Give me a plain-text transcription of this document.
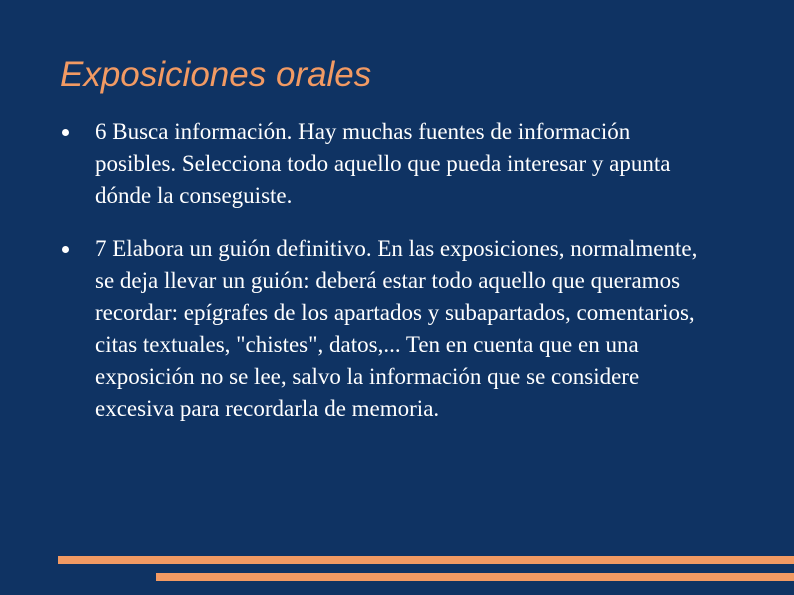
Exposiciones orales
6 Busca información. Hay muchas fuentes de información posibles. Selecciona todo aquello que pueda interesar y apunta dónde la conseguiste.
7 Elabora un guión definitivo. En las exposiciones, normalmente, se deja llevar un guión: deberá estar todo aquello que queramos recordar: epígrafes de los apartados y subapartados, comentarios, citas textuales, "chistes", datos,... Ten en cuenta que en una exposición no se lee, salvo la información que se considere excesiva para recordarla de memoria.
